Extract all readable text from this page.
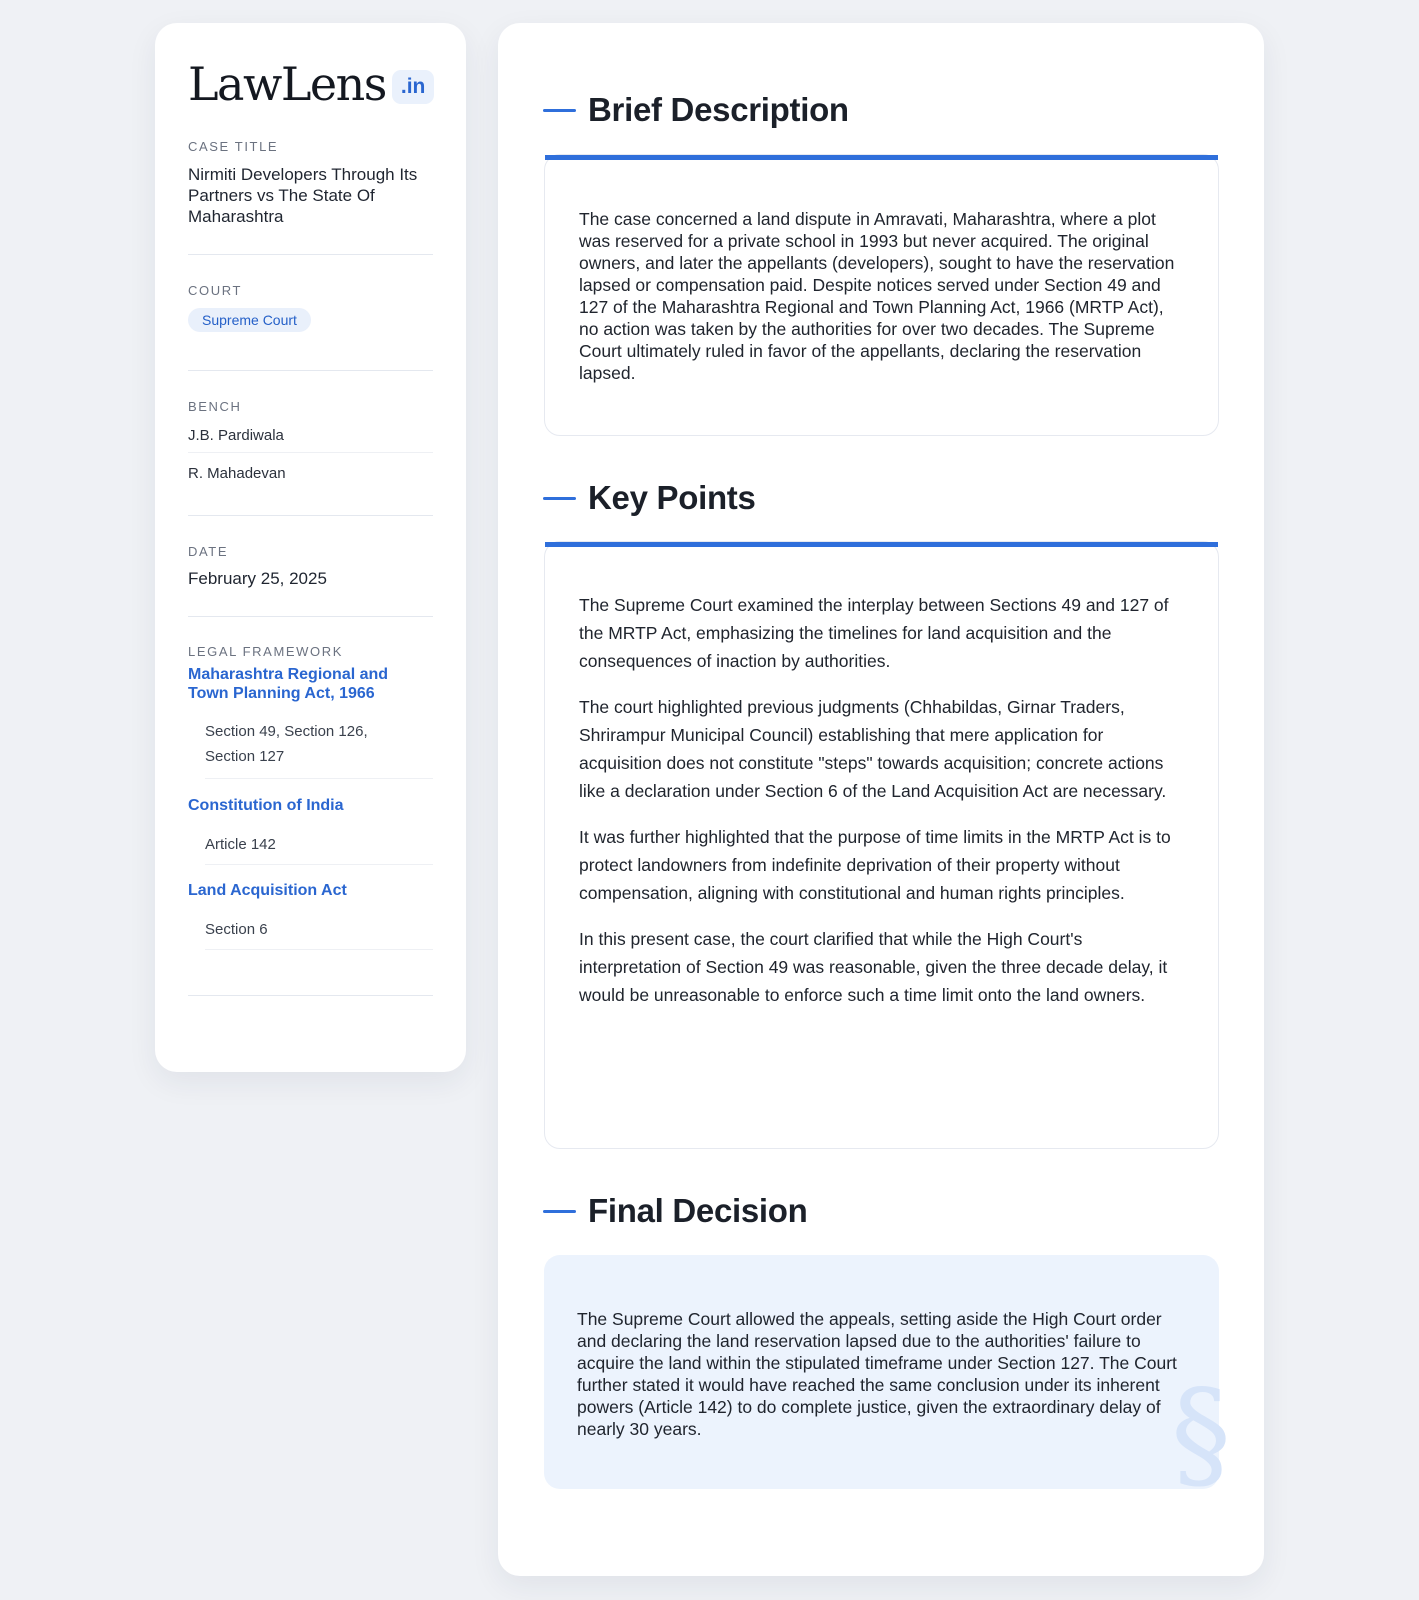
LawLens .in
CASE TITLE
Nirmiti Developers Through Its Partners vs The State Of Maharashtra
COURT
Supreme Court
BENCH
J.B. Pardiwala
R. Mahadevan
DATE
February 25, 2025
LEGAL FRAMEWORK
Maharashtra Regional and Town Planning Act, 1966
Section 49, Section 126, Section 127
Constitution of India
Article 142
Land Acquisition Act
Section 6
Brief Description

The case concerned a land dispute in Amravati, Maharashtra, where a plot was reserved for a private school in 1993 but never acquired. The original owners, and later the appellants (developers), sought to have the reservation lapsed or compensation paid. Despite notices served under Section 49 and 127 of the Maharashtra Regional and Town Planning Act, 1966 (MRTP Act), no action was taken by the authorities for over two decades. The Supreme Court ultimately ruled in favor of the appellants, declaring the reservation lapsed.

Key Points

The Supreme Court examined the interplay between Sections 49 and 127 of the MRTP Act, emphasizing the timelines for land acquisition and the consequences of inaction by authorities.

The court highlighted previous judgments (Chhabildas, Girnar Traders, Shrirampur Municipal Council) establishing that mere application for acquisition does not constitute "steps" towards acquisition; concrete actions like a declaration under Section 6 of the Land Acquisition Act are necessary.

It was further highlighted that the purpose of time limits in the MRTP Act is to protect landowners from indefinite deprivation of their property without compensation, aligning with constitutional and human rights principles.

In this present case, the court clarified that while the High Court's interpretation of Section 49 was reasonable, given the three decade delay, it would be unreasonable to enforce such a time limit onto the land owners.

Final Decision

The Supreme Court allowed the appeals, setting aside the High Court order and declaring the land reservation lapsed due to the authorities' failure to acquire the land within the stipulated timeframe under Section 127. The Court further stated it would have reached the same conclusion under its inherent powers (Article 142) to do complete justice, given the extraordinary delay of nearly 30 years.	§
